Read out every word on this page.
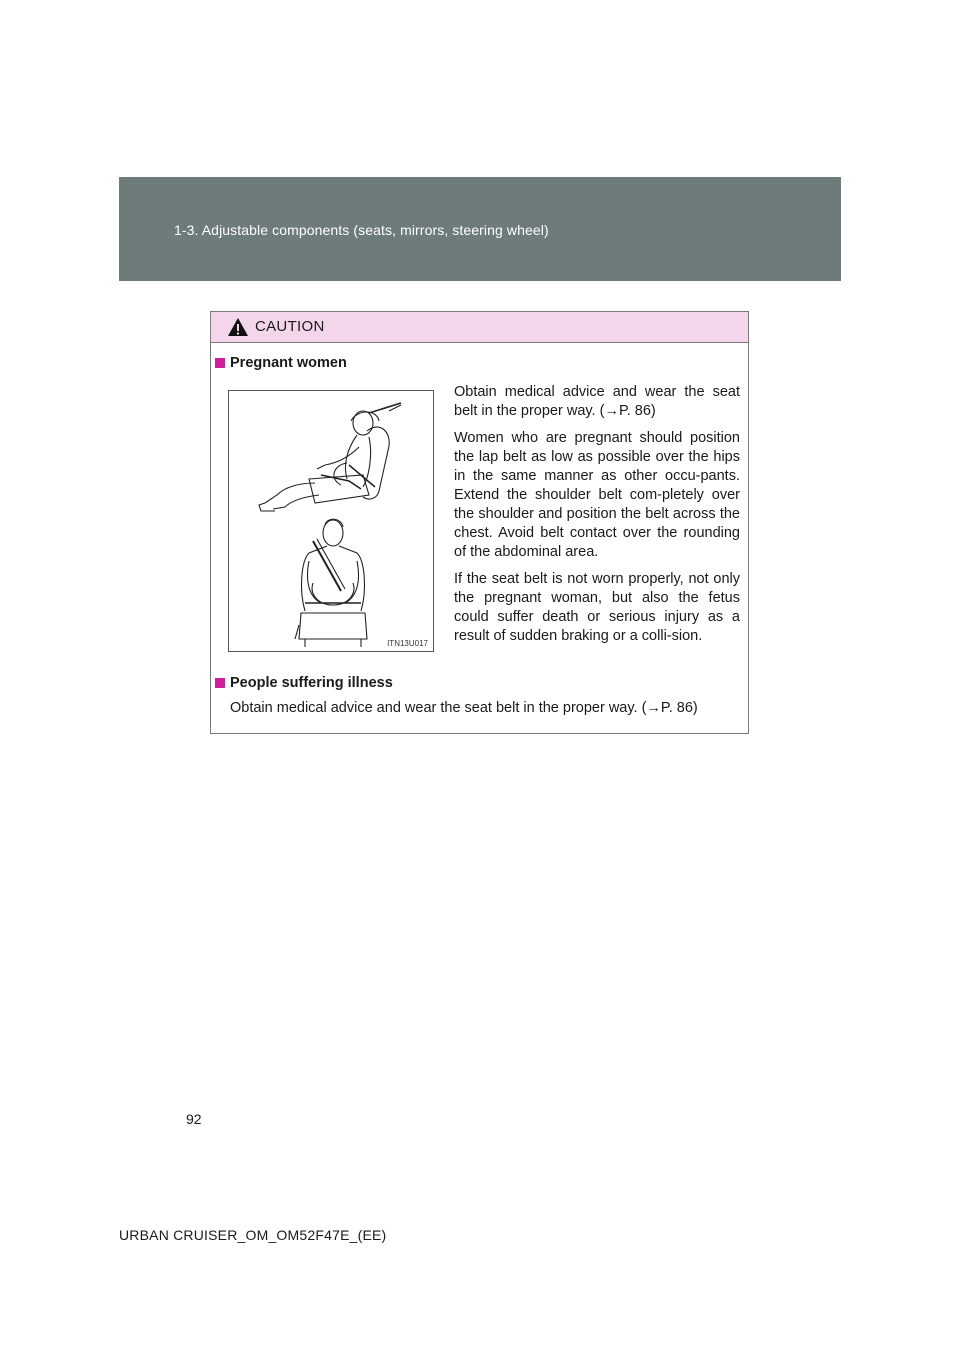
1-3. Adjustable components (seats, mirrors, steering wheel)
CAUTION
Pregnant women
ITN13U017

Obtain medical advice and wear the seat belt in the proper way. (→P. 86)

Women who are pregnant should position the lap belt as low as possible over the hips in the same manner as other occu-pants. Extend the shoulder belt com-pletely over the shoulder and position the belt across the chest. Avoid belt contact over the rounding of the abdominal area.

If the seat belt is not worn properly, not only the pregnant woman, but also the fetus could suffer death or serious injury as a result of sudden braking or a colli-sion.

People suffering illness
Obtain medical advice and wear the seat belt in the proper way. (→P. 86)
92
URBAN CRUISER_OM_OM52F47E_(EE)
